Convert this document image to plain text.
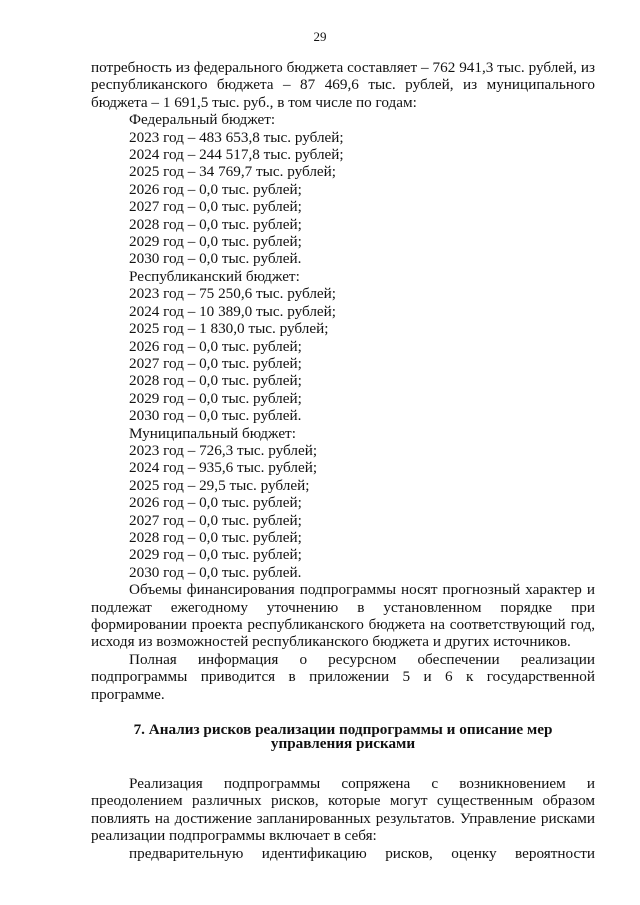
29

потребность из федерального бюджета составляет – 762 941,3 тыс. рублей, из республиканского бюджета – 87 469,6 тыс. рублей, из муниципального бюджета – 1 691,5 тыс. руб., в том числе по годам:

Федеральный бюджет:
2023 год – 483 653,8 тыс. рублей;
2024 год – 244 517,8 тыс. рублей;
2025 год – 34 769,7 тыс. рублей;
2026 год – 0,0 тыс. рублей;
2027 год – 0,0 тыс. рублей;
2028 год – 0,0 тыс. рублей;
2029 год – 0,0 тыс. рублей;
2030 год – 0,0 тыс. рублей.
Республиканский бюджет:
2023 год – 75 250,6 тыс. рублей;
2024 год – 10 389,0 тыс. рублей;
2025 год – 1 830,0 тыс. рублей;
2026 год – 0,0 тыс. рублей;
2027 год – 0,0 тыс. рублей;
2028 год – 0,0 тыс. рублей;
2029 год – 0,0 тыс. рублей;
2030 год – 0,0 тыс. рублей.
Муниципальный бюджет:
2023 год – 726,3 тыс. рублей;
2024 год – 935,6 тыс. рублей;
2025 год – 29,5 тыс. рублей;
2026 год – 0,0 тыс. рублей;
2027 год – 0,0 тыс. рублей;
2028 год – 0,0 тыс. рублей;
2029 год – 0,0 тыс. рублей;
2030 год – 0,0 тыс. рублей.

Объемы финансирования подпрограммы носят прогнозный характер и подлежат ежегодному уточнению в установленном порядке при формировании проекта республиканского бюджета на соответствующий год, исходя из возможностей республиканского бюджета и других источников.

Полная информация о ресурсном обеспечении реализации подпрограммы приводится в приложении 5 и 6 к государственной программе.

7. Анализ рисков реализации подпрограммы и описание мер
управления рисками

Реализация подпрограммы сопряжена с возникновением и преодолением различных рисков, которые могут существенным образом повлиять на достижение запланированных результатов. Управление рисками реализации подпрограммы включает в себя:

предварительную идентификацию рисков, оценку вероятности
